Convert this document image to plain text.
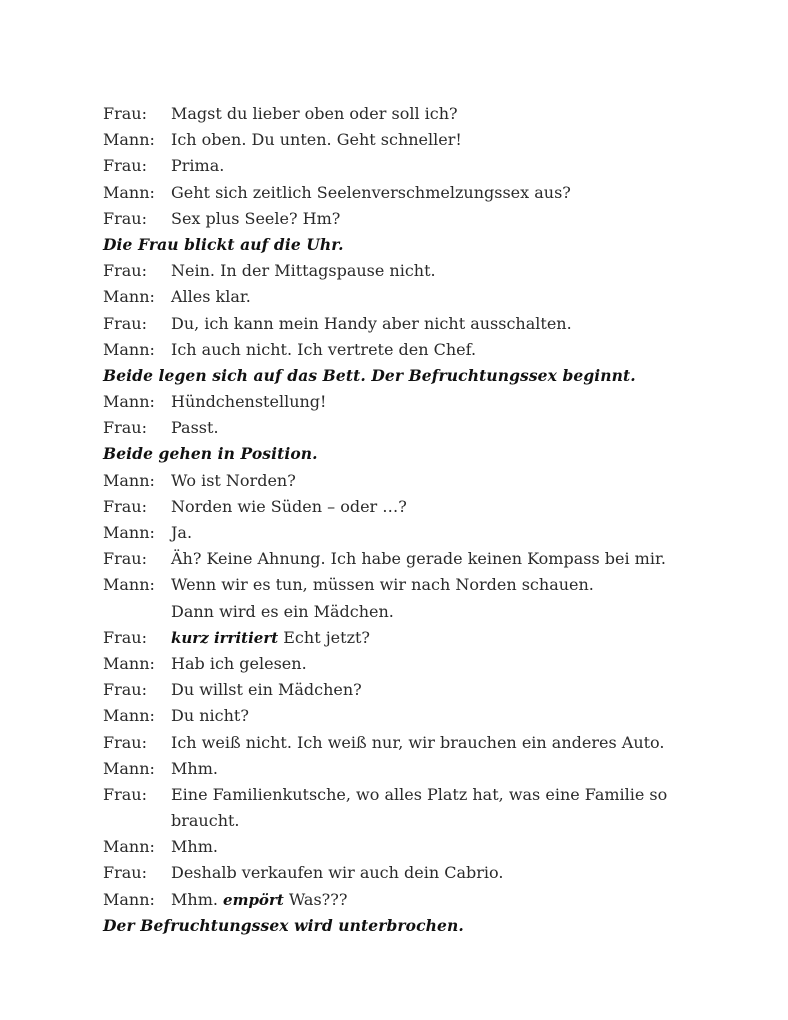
Frau: Magst du lieber oben oder soll ich?
Mann: Ich oben. Du unten. Geht schneller!
Frau: Prima.
Mann: Geht sich zeitlich Seelenverschmelzungssex aus?
Frau: Sex plus Seele? Hm?
Die Frau blickt auf die Uhr.
Frau: Nein. In der Mittagspause nicht.
Mann: Alles klar.
Frau: Du, ich kann mein Handy aber nicht ausschalten.
Mann: Ich auch nicht. Ich vertrete den Chef.
Beide legen sich auf das Bett. Der Befruchtungssex beginnt.
Mann: Hündchenstellung!
Frau: Passt.
Beide gehen in Position.
Mann: Wo ist Norden?
Frau: Norden wie Süden – oder …?
Mann: Ja.
Frau: Äh? Keine Ahnung. Ich habe gerade keinen Kompass bei mir.
Mann: Wenn wir es tun, müssen wir nach Norden schauen.
Dann wird es ein Mädchen.
Frau: kurz irritiert Echt jetzt?
Mann: Hab ich gelesen.
Frau: Du willst ein Mädchen?
Mann: Du nicht?
Frau: Ich weiß nicht. Ich weiß nur, wir brauchen ein anderes Auto.
Mann: Mhm.
Frau: Eine Familienkutsche, wo alles Platz hat, was eine Familie so
braucht.
Mann: Mhm.
Frau: Deshalb verkaufen wir auch dein Cabrio.
Mann: Mhm. empört Was???
Der Befruchtungssex wird unterbrochen.
